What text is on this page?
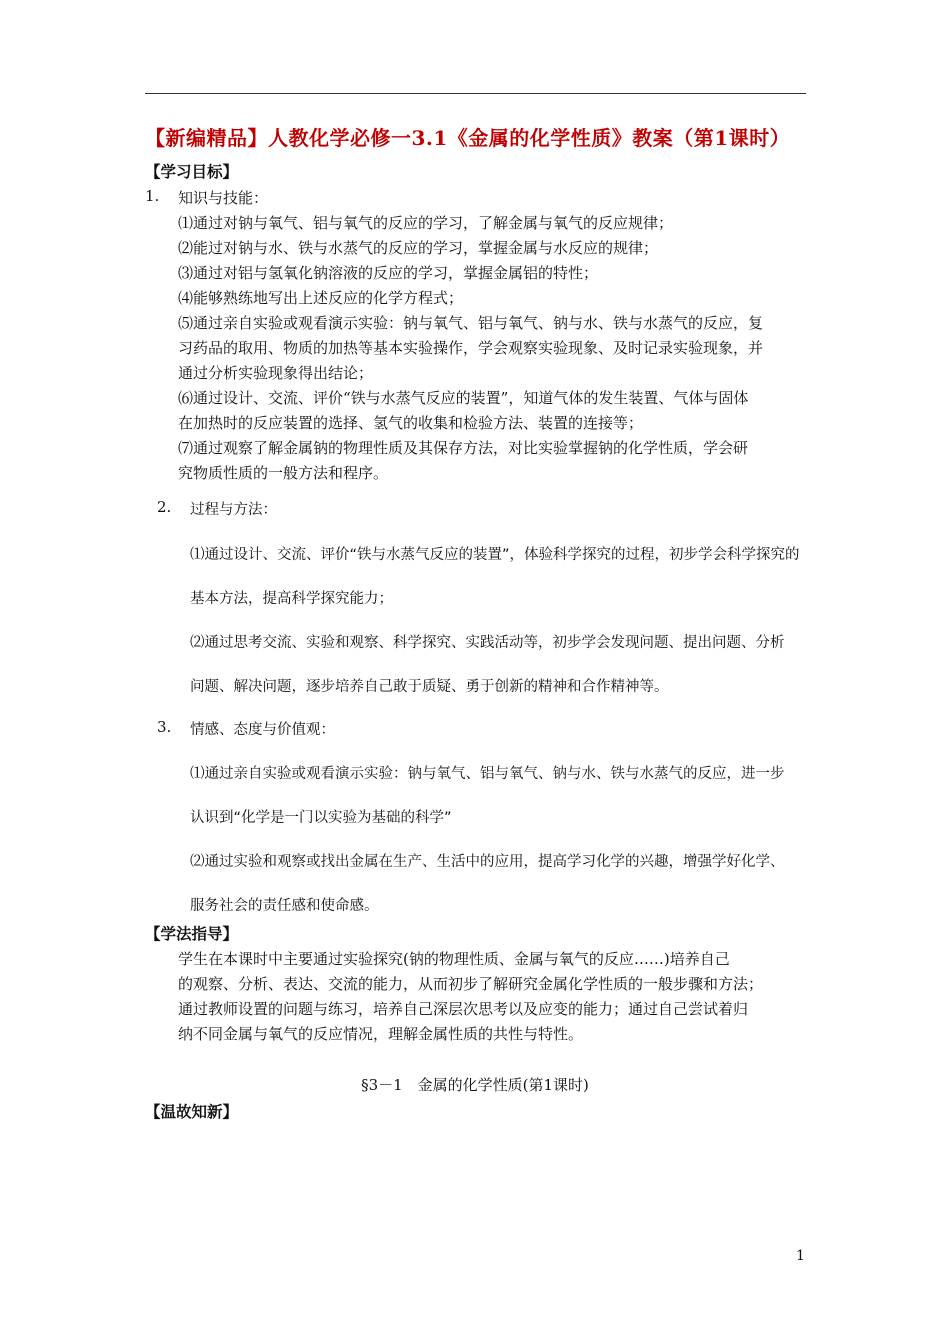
【新编精品】人教化学必修一3.1《金属的化学性质》教案（第1课时）
【学习目标】
1. 知识与技能：
⑴通过对钠与氧气、铝与氧气的反应的学习，了解金属与氧气的反应规律；
⑵能过对钠与水、铁与水蒸气的反应的学习，掌握金属与水反应的规律；
⑶通过对铝与氢氧化钠溶液的反应的学习，掌握金属铝的特性；
⑷能够熟练地写出上述反应的化学方程式；
⑸通过亲自实验或观看演示实验：钠与氧气、铝与氧气、钠与水、铁与水蒸气的反应，复
习药品的取用、物质的加热等基本实验操作，学会观察实验现象、及时记录实验现象，并
通过分析实验现象得出结论；
⑹通过设计、交流、评价“铁与水蒸气反应的装置”，知道气体的发生装置、气体与固体
在加热时的反应装置的选择、氢气的收集和检验方法、装置的连接等；
⑺通过观察了解金属钠的物理性质及其保存方法，对比实验掌握钠的化学性质，学会研
究物质性质的一般方法和程序。
2. 过程与方法：
⑴通过设计、交流、评价“铁与水蒸气反应的装置”，体验科学探究的过程，初步学会科学探究的
基本方法，提高科学探究能力；
⑵通过思考交流、实验和观察、科学探究、实践活动等，初步学会发现问题、提出问题、分析
问题、解决问题，逐步培养自己敢于质疑、勇于创新的精神和合作精神等。
3. 情感、态度与价值观：
⑴通过亲自实验或观看演示实验：钠与氧气、铝与氧气、钠与水、铁与水蒸气的反应，进一步
认识到“化学是一门以实验为基础的科学”
⑵通过实验和观察或找出金属在生产、生活中的应用，提高学习化学的兴趣，增强学好化学、
服务社会的责任感和使命感。
【学法指导】
学生在本课时中主要通过实验探究(钠的物理性质、金属与氧气的反应……)培养自己
的观察、分析、表达、交流的能力，从而初步了解研究金属化学性质的一般步骤和方法；
通过教师设置的问题与练习，培养自己深层次思考以及应变的能力；通过自己尝试着归
纳不同金属与氧气的反应情况，理解金属性质的共性与特性。
§3－1　金属的化学性质(第1课时)
【温故知新】
1
